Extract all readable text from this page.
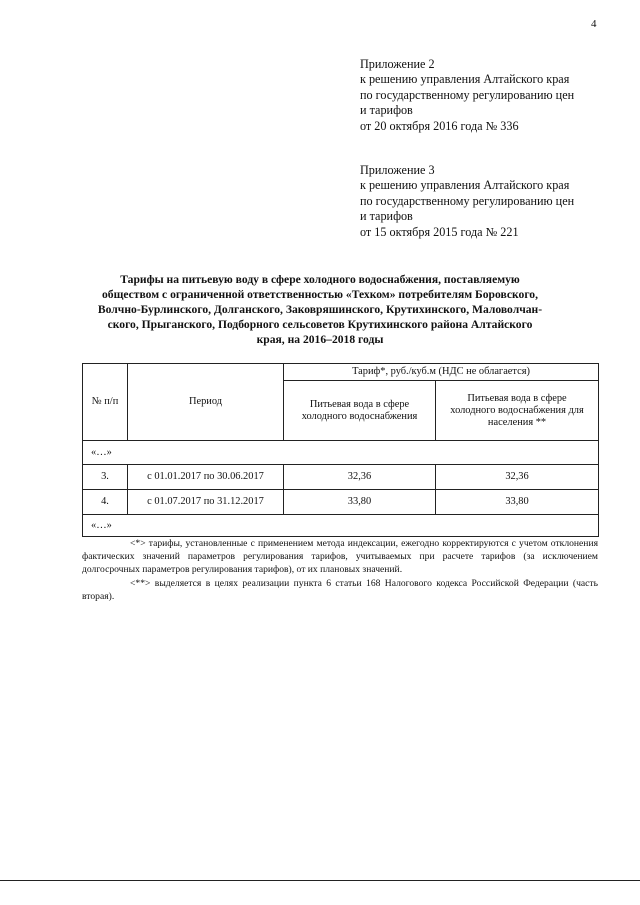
4
Приложение 2
к решению управления Алтайского края
по государственному регулированию цен
и тарифов
от 20 октября 2016 года № 336
Приложение 3
к решению управления Алтайского края
по государственному регулированию цен
и тарифов
от 15 октября 2015 года № 221
Тарифы на питьевую воду в сфере холодного водоснабжения, поставляемую
обществом с ограниченной ответственностью «Техком» потребителям Боровского,
Волчно-Бурлинского, Долганского, Заковряшинского, Крутихинского, Маловолчан-
ского, Прыганского, Подборного сельсоветов Крутихинского района Алтайского
края, на 2016–2018 годы
№ п/п	Период	Тариф*, руб./куб.м (НДС не облагается)	
		Питьевая вода в сфере холодного водоснабжения	Питьевая вода в сфере холодного водоснабжения для населения **
«…»			
3.	с 01.01.2017 по 30.06.2017	32,36	32,36
4.	с 01.07.2017 по 31.12.2017	33,80	33,80
«…»			

<*> тарифы, установленные с применением метода индексации, ежегодно корректируются с учетом отклонения фактических значений параметров регулирования тарифов, учитываемых при расчете тарифов (за исключением долгосрочных параметров регулирования тарифов), от их плановых значений.

<**> выделяется в целях реализации пункта 6 статьи 168 Налогового кодекса Российской Федерации (часть вторая).
